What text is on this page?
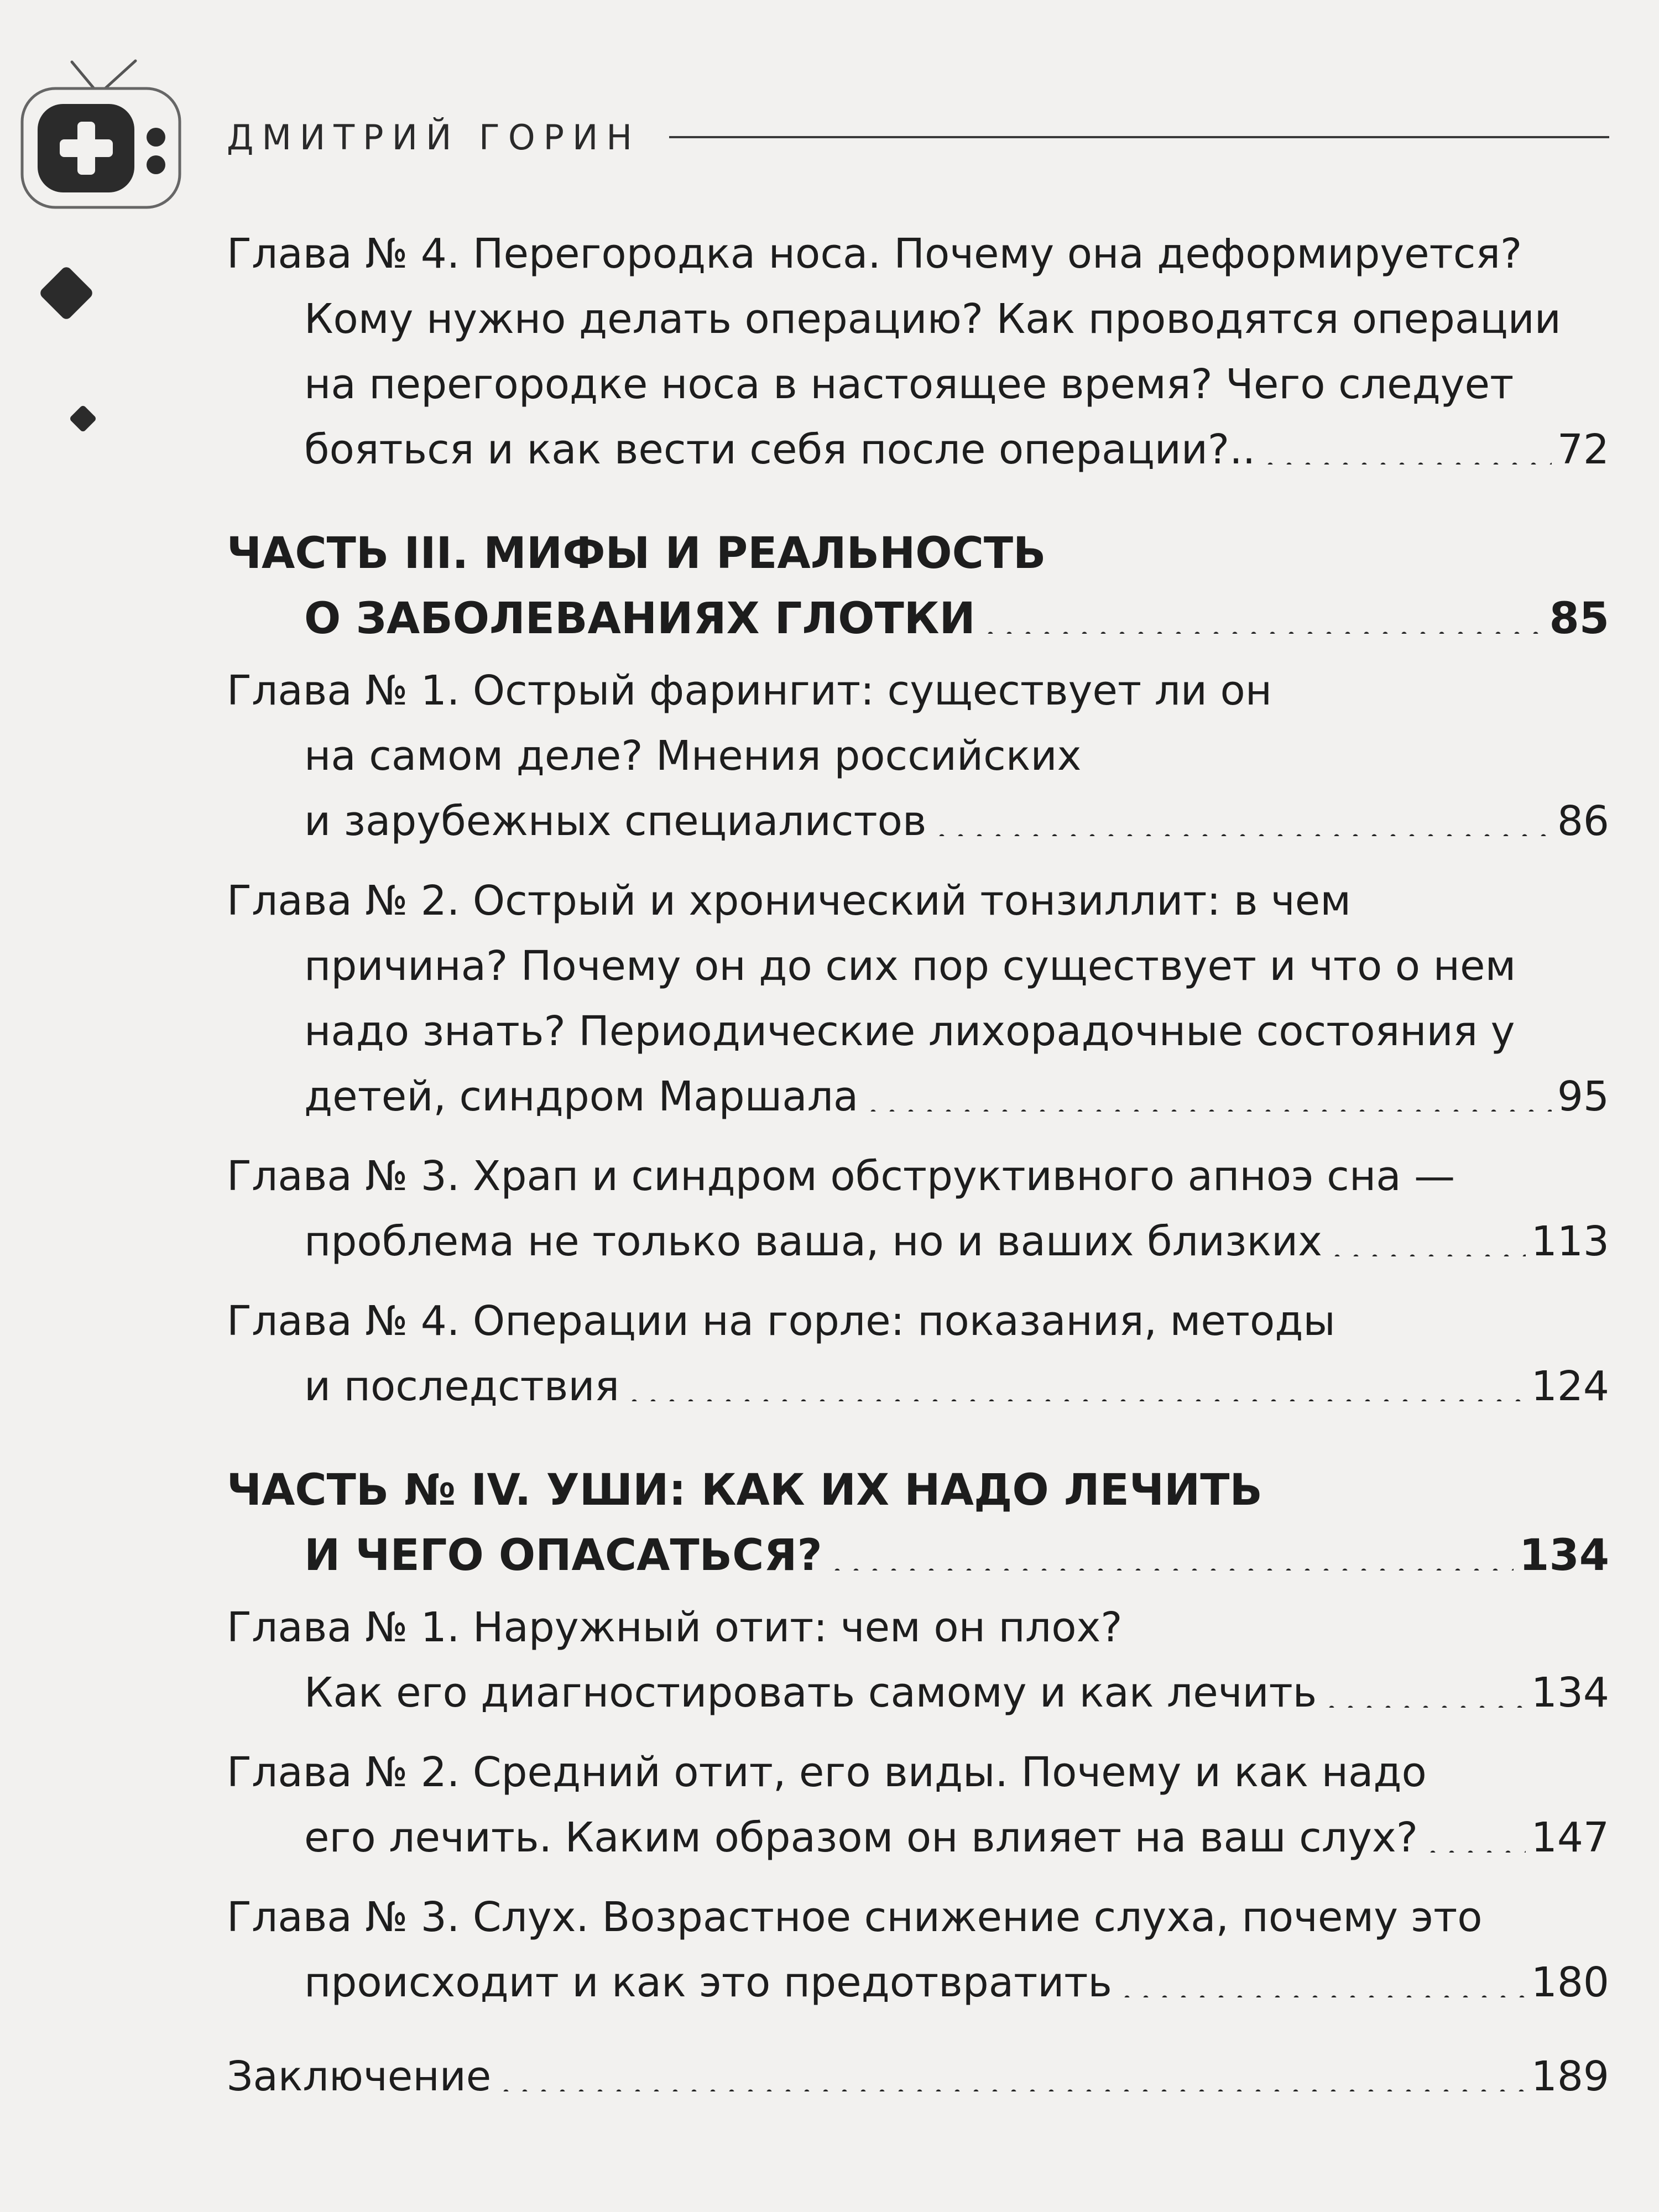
ДМИТРИЙ ГОРИН
Глава № 4. Перегородка носа. Почему она деформируется?
Кому нужно делать операцию? Как проводятся операции
на перегородке носа в настоящее время? Чего следует
бояться и как вести себя после операции?..	72
ЧАСТЬ III. МИФЫ И РЕАЛЬНОСТЬ
О ЗАБОЛЕВАНИЯХ ГЛОТКИ	85
Глава № 1. Острый фарингит: существует ли он
на самом деле? Мнения российских
и зарубежных специалистов	86
Глава № 2. Острый и хронический тонзиллит: в чем
причина? Почему он до сих пор существует и что о нем
надо знать? Периодические лихорадочные состояния у
детей, синдром Маршала	95
Глава № 3. Храп и синдром обструктивного апноэ сна —
проблема не только ваша, но и ваших близких	113
Глава № 4. Операции на горле: показания, методы
и последствия	124
ЧАСТЬ № IV. УШИ: КАК ИХ НАДО ЛЕЧИТЬ
И ЧЕГО ОПАСАТЬСЯ?	134
Глава № 1. Наружный отит: чем он плох?
Как его диагностировать самому и как лечить	134
Глава № 2. Средний отит, его виды. Почему и как надо
его лечить. Каким образом он влияет на ваш слух?	147
Глава № 3. Слух. Возрастное снижение слуха, почему это
происходит и как это предотвратить	180
Заключение	189
